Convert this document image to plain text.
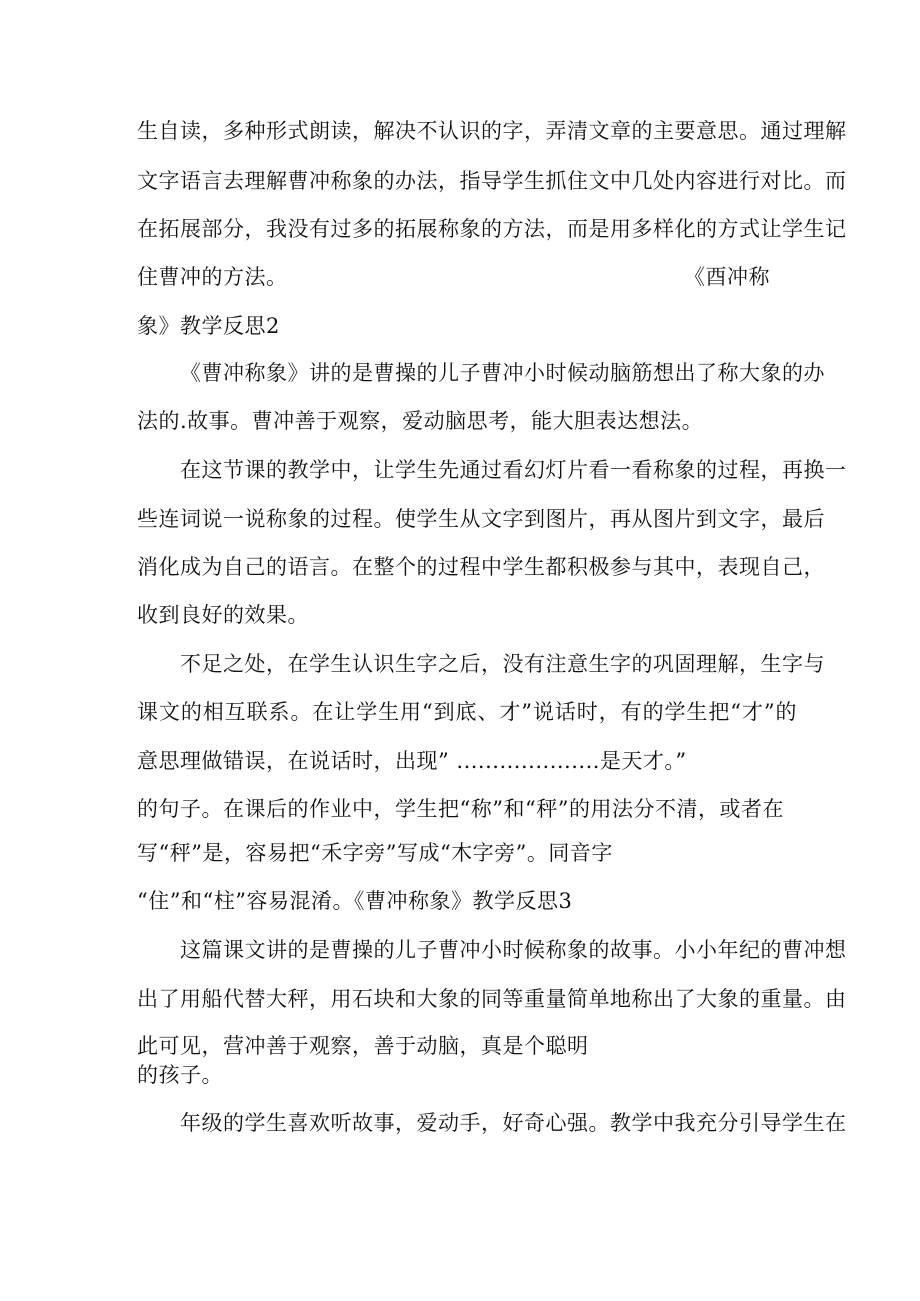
生自读，多种形式朗读，解决不认识的字，弄清文章的主要意思。通过理解
文字语言去理解曹冲称象的办法，指导学生抓住文中几处内容进行对比。而
在拓展部分，我没有过多的拓展称象的方法，而是用多样化的方式让学生记
住曹冲的方法。	《酉冲称
象》教学反思2
《曹冲称象》讲的是曹操的儿子曹冲小时候动脑筋想出了称大象的办
法的.故事。曹冲善于观察，爱动脑思考，能大胆表达想法。
在这节课的教学中，让学生先通过看幻灯片看一看称象的过程，再换一
些连词说一说称象的过程。使学生从文字到图片，再从图片到文字，最后
消化成为自己的语言。在整个的过程中学生都积极参与其中，表现自己，
收到良好的效果。
不足之处，在学生认识生字之后，没有注意生字的巩固理解，生字与
课文的相互联系。在让学生用“到底、才”说话时，有的学生把“才”的
意思理做错误，在说话时，出现” ....................是天才。”
的句子。在课后的作业中，学生把“称”和“秤”的用法分不清，或者在
写“秤”是，容易把“禾字旁”写成“木字旁”。同音字
“住”和“柱”容易混淆。《曹冲称象》教学反思3
这篇课文讲的是曹操的儿子曹冲小时候称象的故事。小小年纪的曹冲想
出了用船代替大秤，用石块和大象的同等重量简单地称出了大象的重量。由
此可见，营冲善于观察，善于动脑，真是个聪明
的孩子。
年级的学生喜欢听故事，爱动手，好奇心强。教学中我充分引导学生在
